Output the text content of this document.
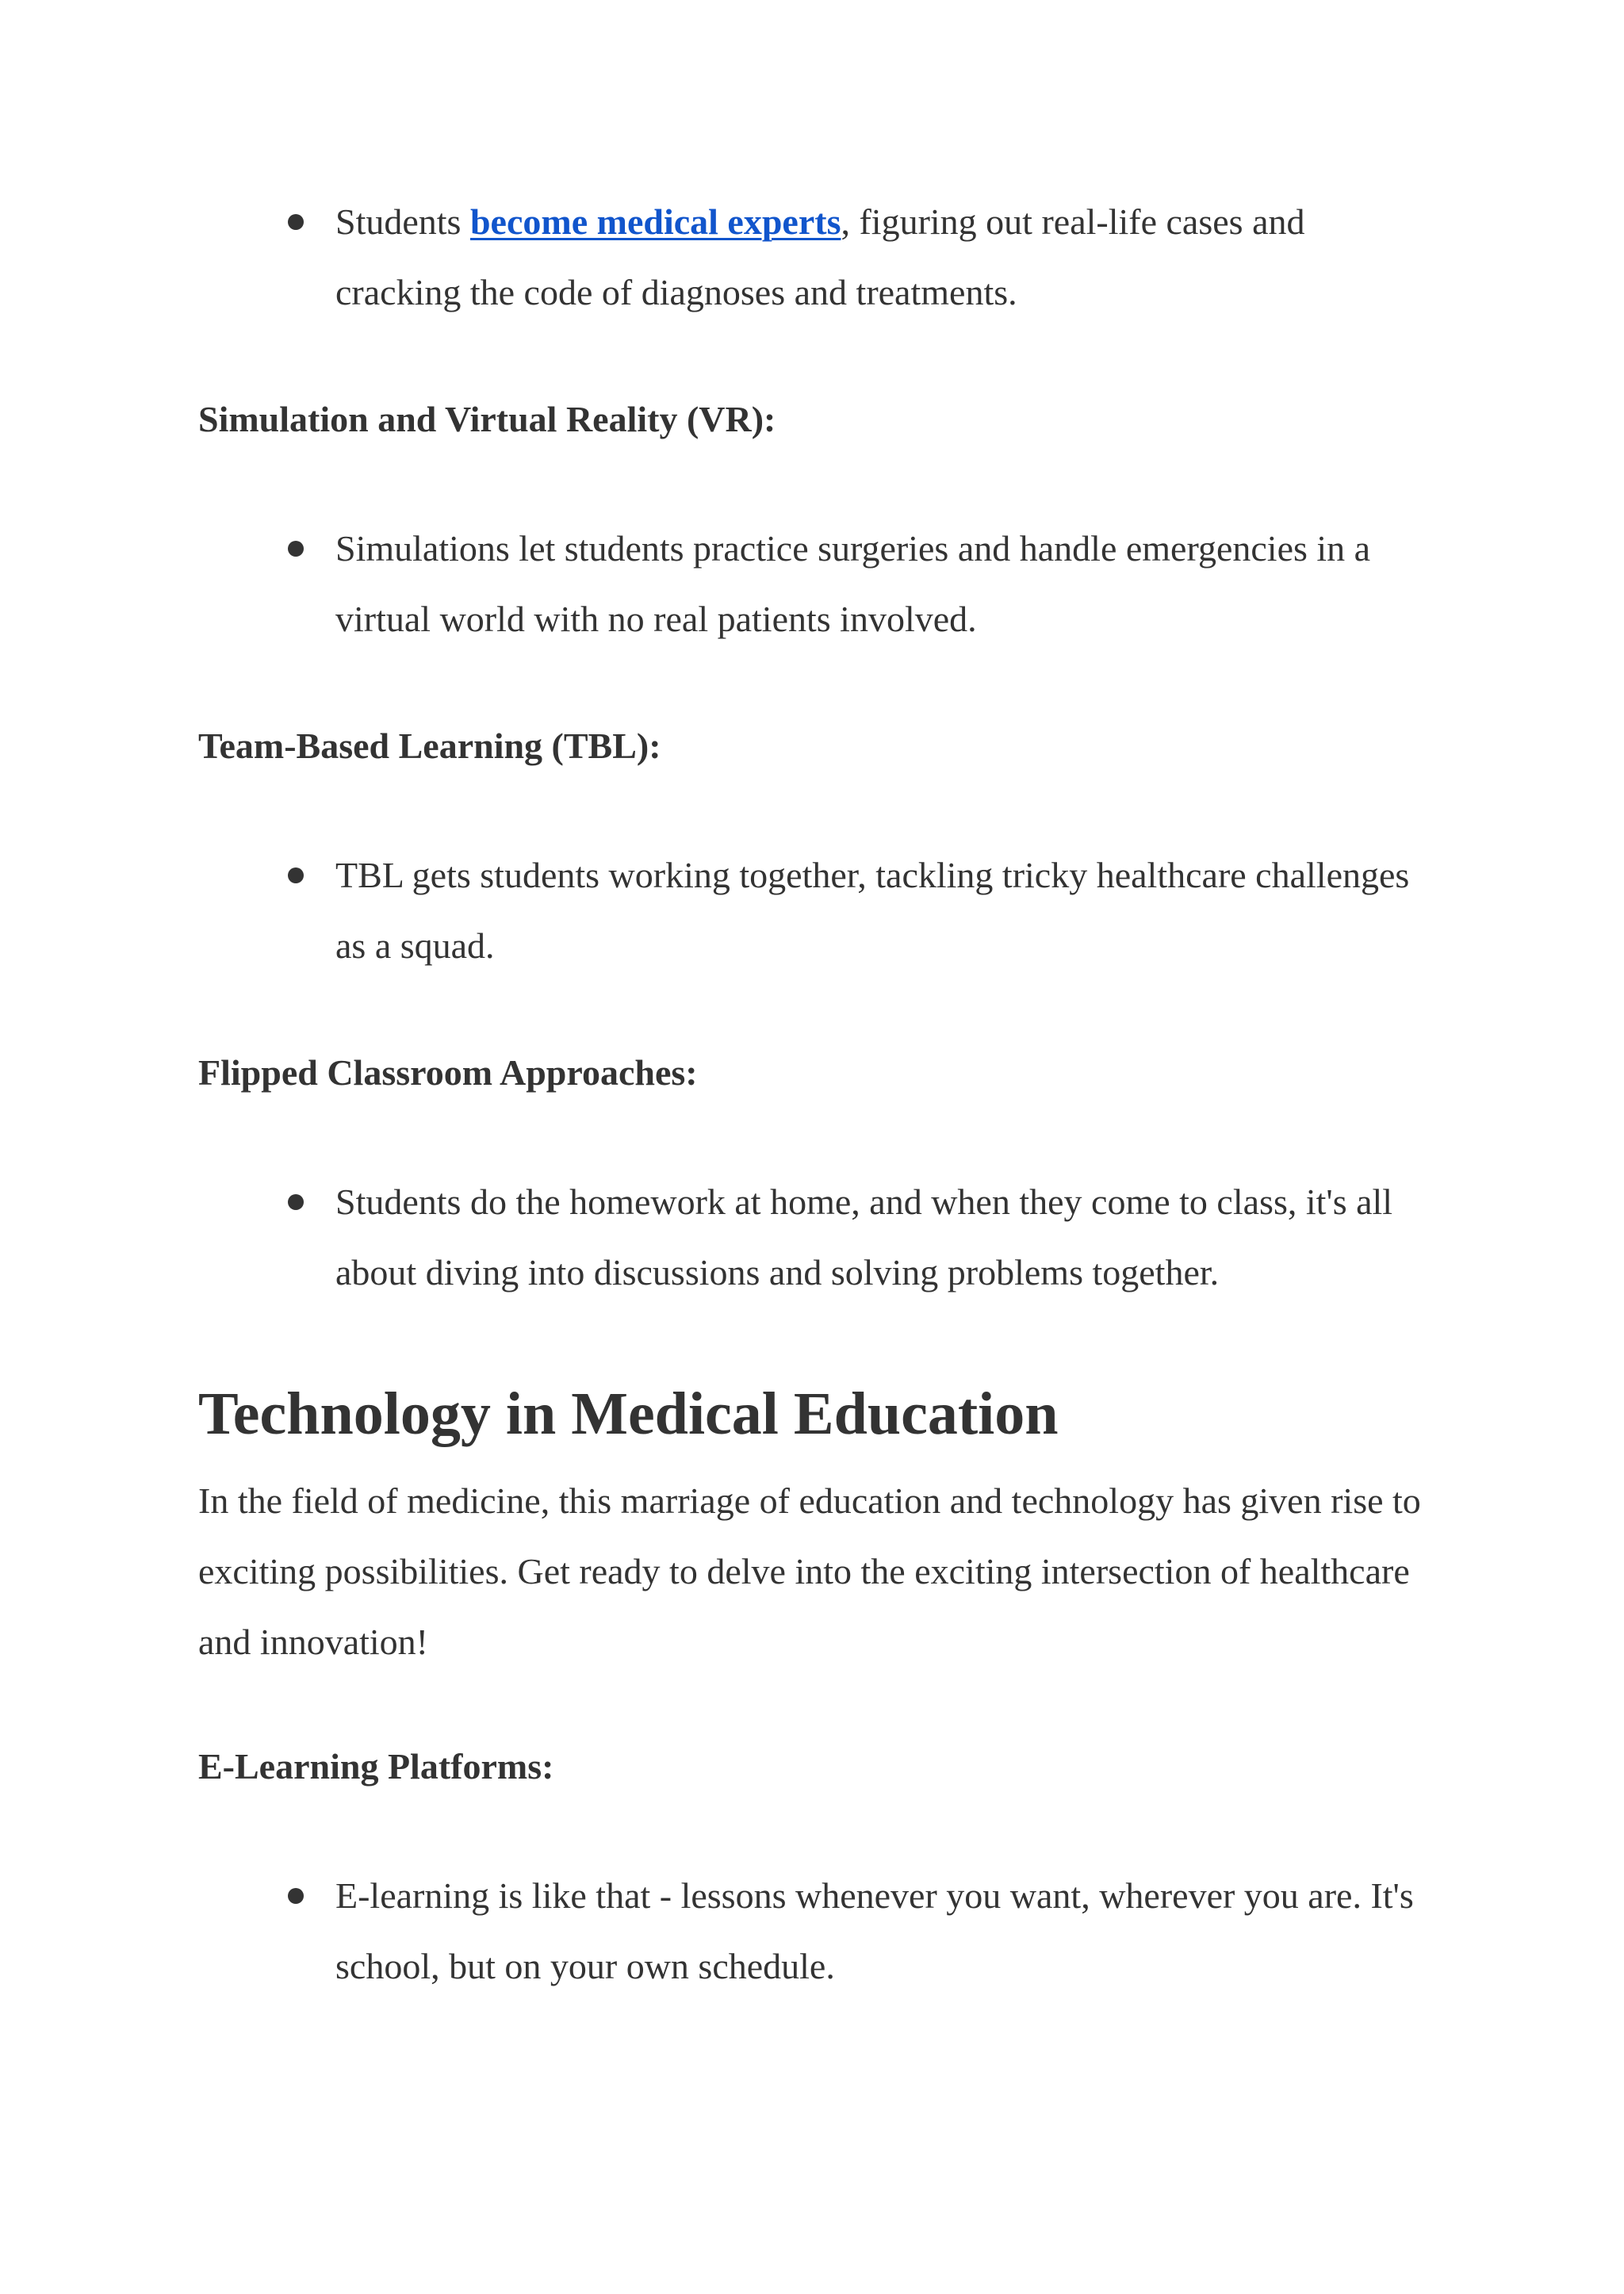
Students become medical experts, figuring out real-life cases and cracking the code of diagnoses and treatments.

Simulation and Virtual Reality (VR):

Simulations let students practice surgeries and handle emergencies in a virtual world with no real patients involved.

Team-Based Learning (TBL):

TBL gets students working together, tackling tricky healthcare challenges as a squad.

Flipped Classroom Approaches:

Students do the homework at home, and when they come to class, it's all about diving into discussions and solving problems together.

Technology in Medical Education

In the field of medicine, this marriage of education and technology has given rise to exciting possibilities. Get ready to delve into the exciting intersection of healthcare and innovation!

E-Learning Platforms:

E-learning is like that - lessons whenever you want, wherever you are. It's school, but on your own schedule.
